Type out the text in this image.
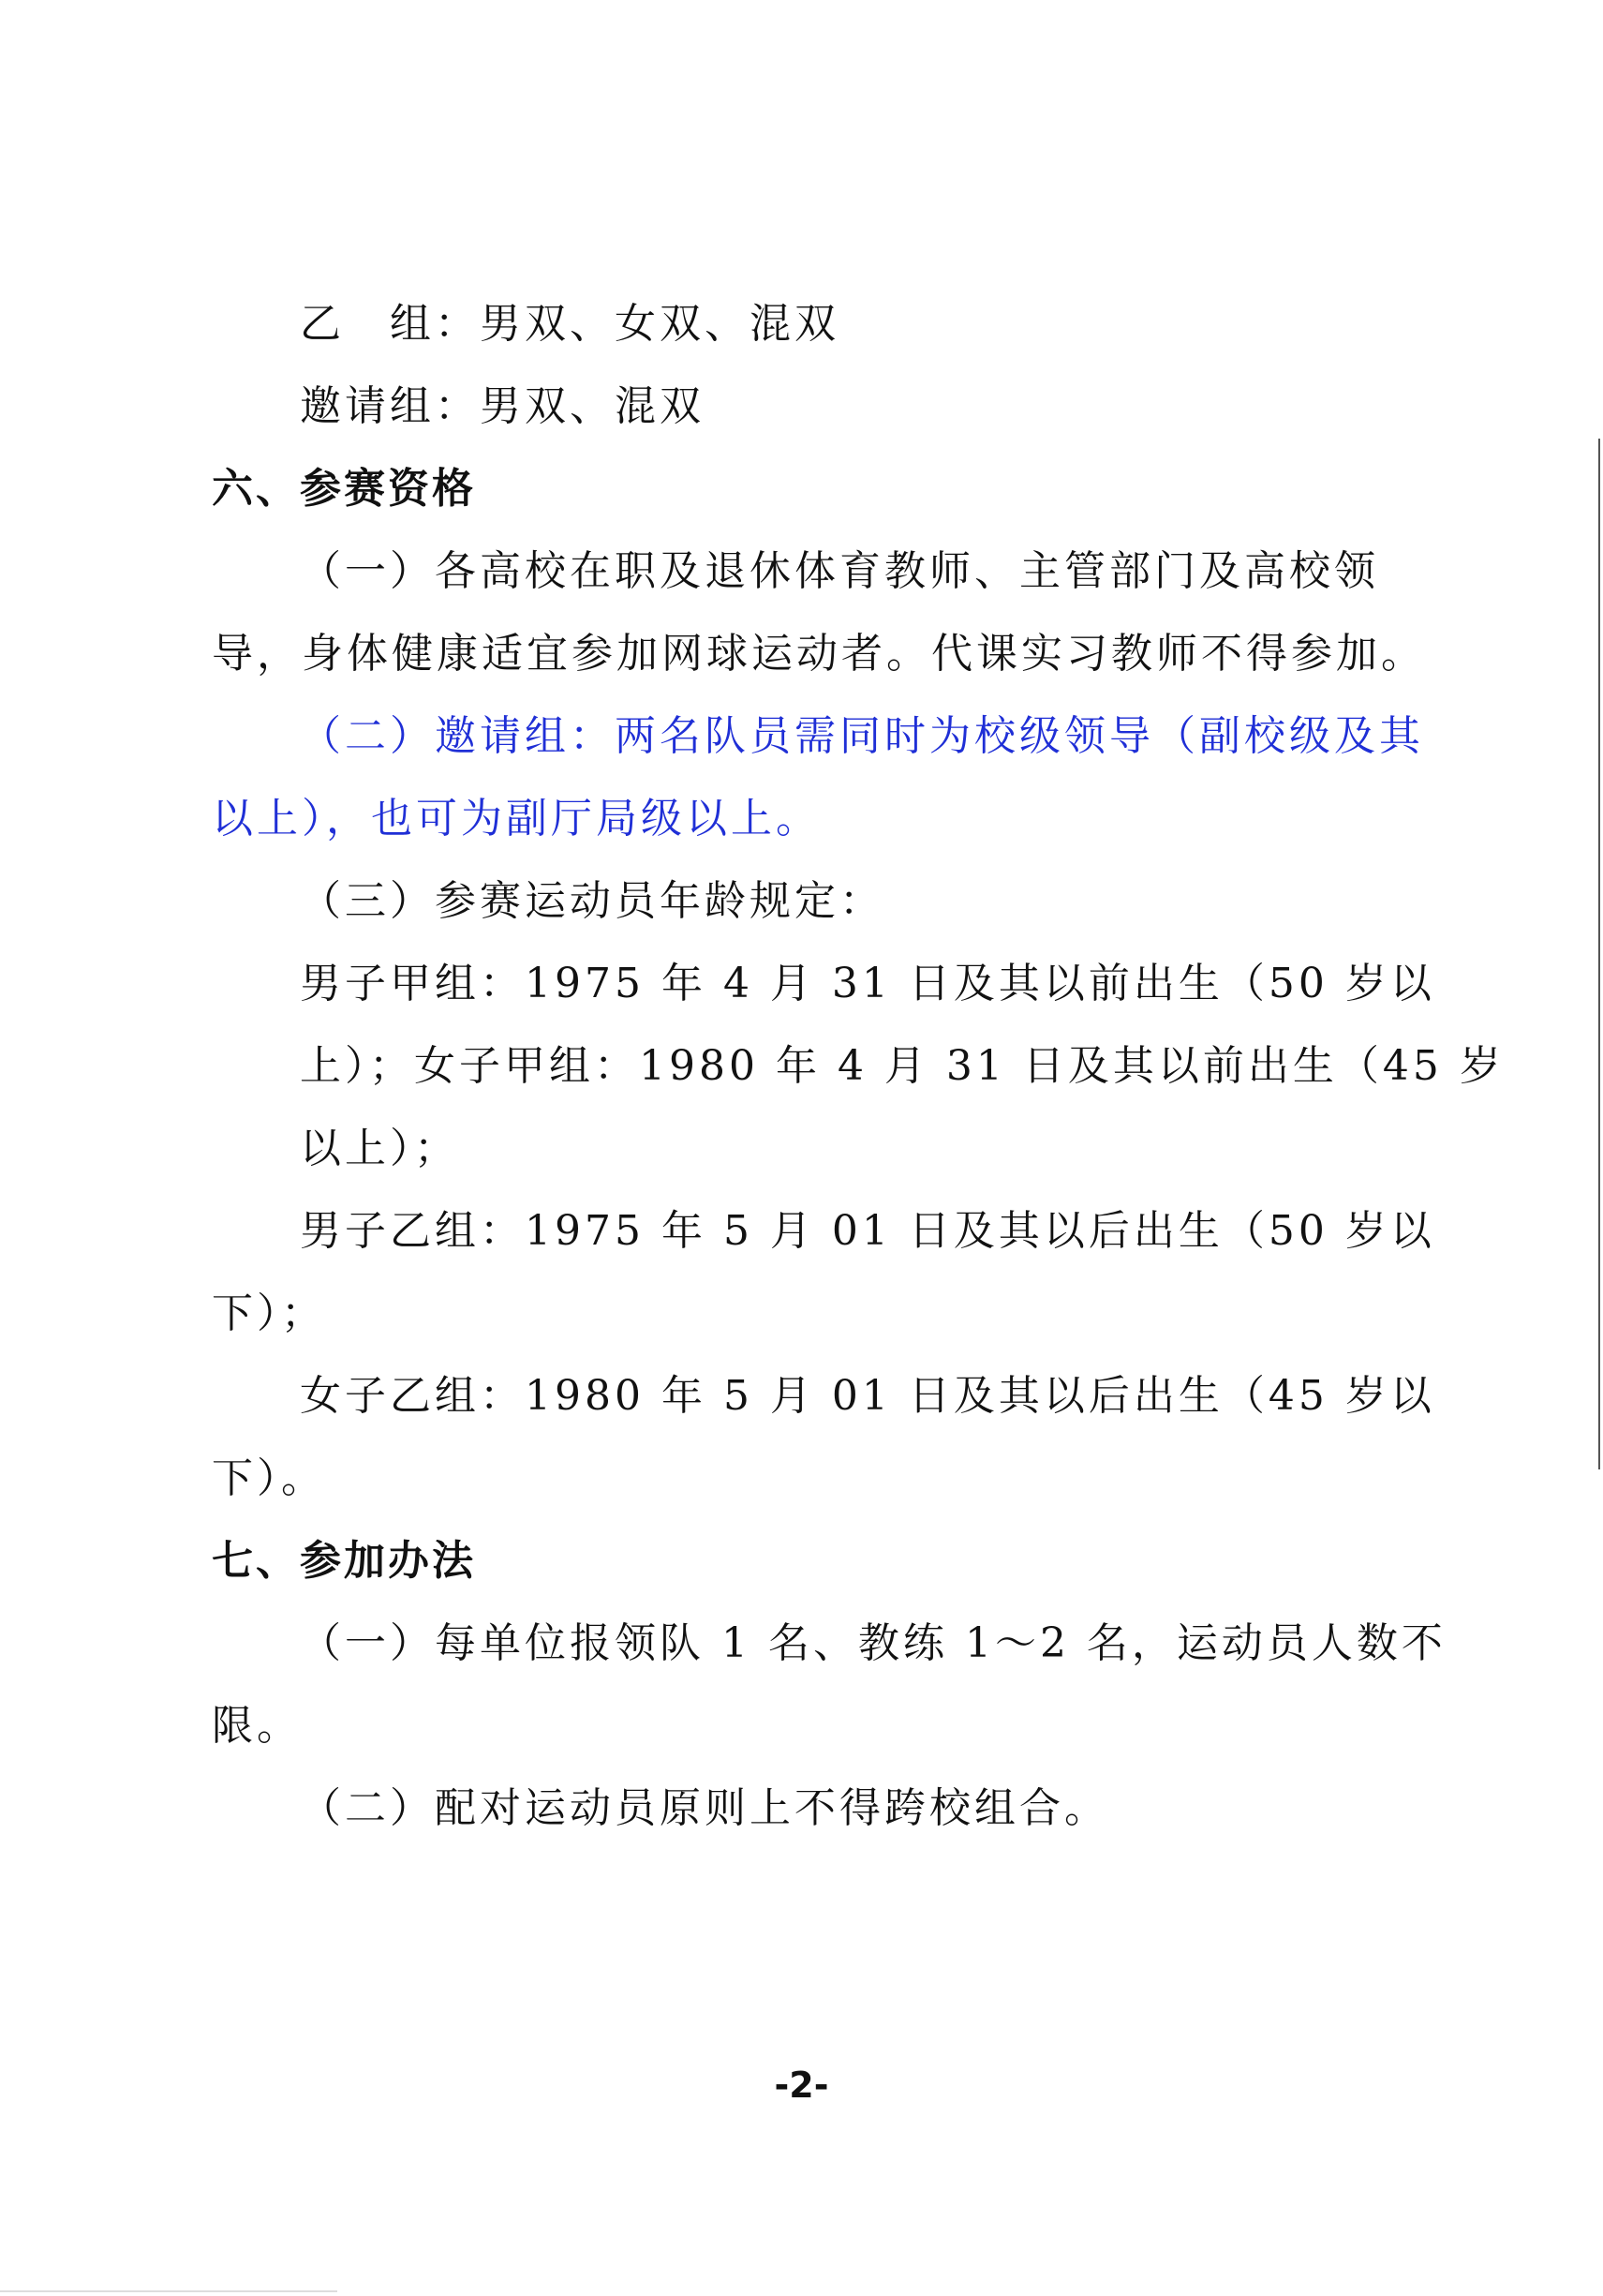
乙　组：男双、女双、混双
邀请组：男双、混双
六、参赛资格
（一）各高校在职及退休体育教师、主管部门及高校领
导，身体健康适宜参加网球运动者。代课实习教师不得参加。
（二）邀请组：两名队员需同时为校级领导（副校级及其
以上），也可为副厅局级以上。
（三）参赛运动员年龄规定：
男子甲组：1975 年 4 月 31 日及其以前出生（50 岁以
上）；女子甲组：1980 年 4 月 31 日及其以前出生（45 岁
以上）；
男子乙组：1975 年 5 月 01 日及其以后出生（50 岁以
下）；
女子乙组：1980 年 5 月 01 日及其以后出生（45 岁以
下）。
七、参加办法
（一）每单位报领队 1 名、教练 1～2 名，运动员人数不
限。
（二）配对运动员原则上不得跨校组合。
-2-
